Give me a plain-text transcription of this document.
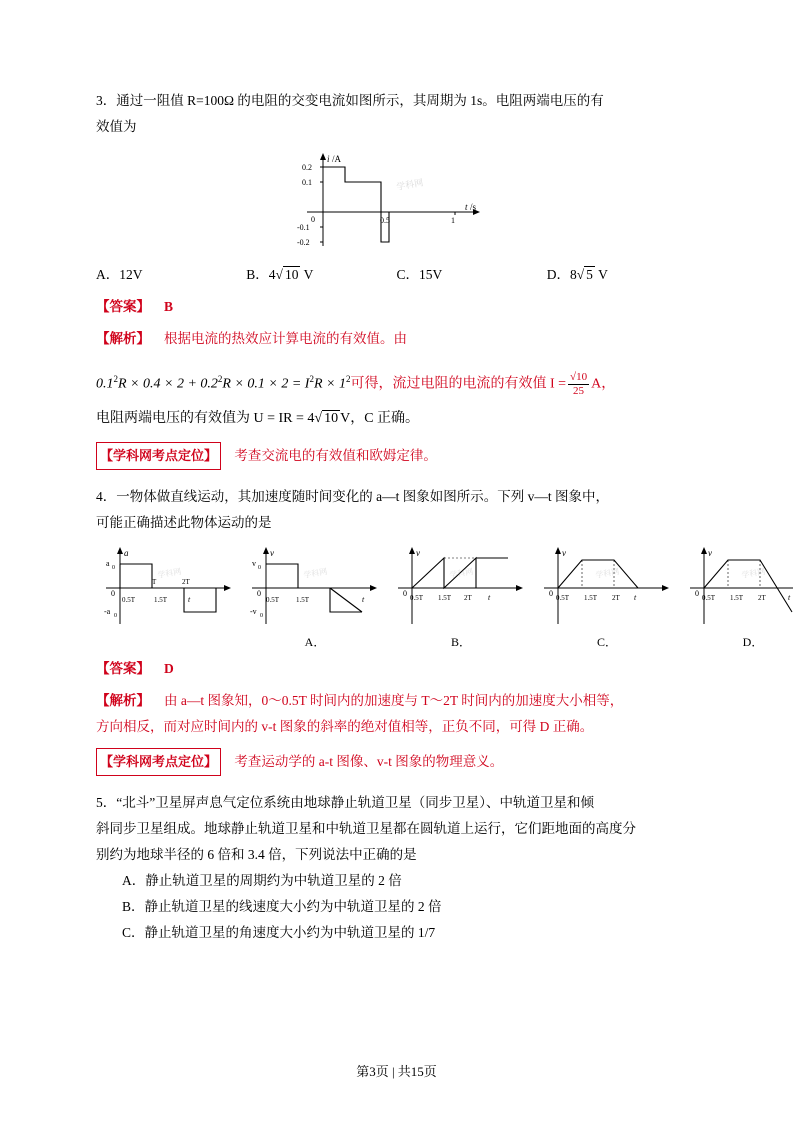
3．通过一阻值 R=100Ω 的电阻的交变电流如图所示，其周期为 1s。电阻两端电压的有
效值为
i /A
0.2
0.1
0
-0.1
-0.2
0.5	1
t /s
学科网
A．12V	B．4√ 10 V	C．15V	D．8√ 5 V
【答案】 B
【解析】 根据电流的热效应计算电流的有效值。由
$0.1^2R \times 0.4 \times 2 + 0.2^2R \times 0.1 \times 2 = I^2R \times 1^2$可得，流过电阻的电流的有效值 $I = \frac{√10}{25}$ A，
电阻两端电压的有效值为 U = IR = 4√ 10 V，C 正确。
【学科网考点定位】 考查交流电的有效值和欧姆定律。
4．一物体做直线运动，其加速度随时间变化的 a—t 图象如图所示。下列 v—t 图象中，
可能正确描述此物体运动的是
a
a 0
-a 0
0
0.5T	1.5T
T	2T
t
学科网
v
v 0
-v 0
0
0.5T 1.5T	t
学科网
A．
v
0 0.5T 1.5T 2T t
学科网
B．
v
0 0.5T 1.5T 2T t
学科网
C．
v
0 0.5T 1.5T 2T	t
学科网
D．
【答案】 D
【解析】 由 a—t 图象知，0～0.5T 时间内的加速度与 T～2T 时间内的加速度大小相等，
方向相反，而对应时间内的 v-t 图象的斜率的绝对值相等，正负不同，可得 D 正确。
【学科网考点定位】 考查运动学的 a-t 图像、v-t 图象的物理意义。
5．“北斗”卫星屏声息气定位系统由地球静止轨道卫星（同步卫星）、中轨道卫星和倾
斜同步卫星组成。地球静止轨道卫星和中轨道卫星都在圆轨道上运行，它们距地面的高度分
别约为地球半径的 6 倍和 3.4 倍，下列说法中正确的是
A．静止轨道卫星的周期约为中轨道卫星的 2 倍
B．静止轨道卫星的线速度大小约为中轨道卫星的 2 倍
C．静止轨道卫星的角速度大小约为中轨道卫星的 1/7
第3页 | 共15页
